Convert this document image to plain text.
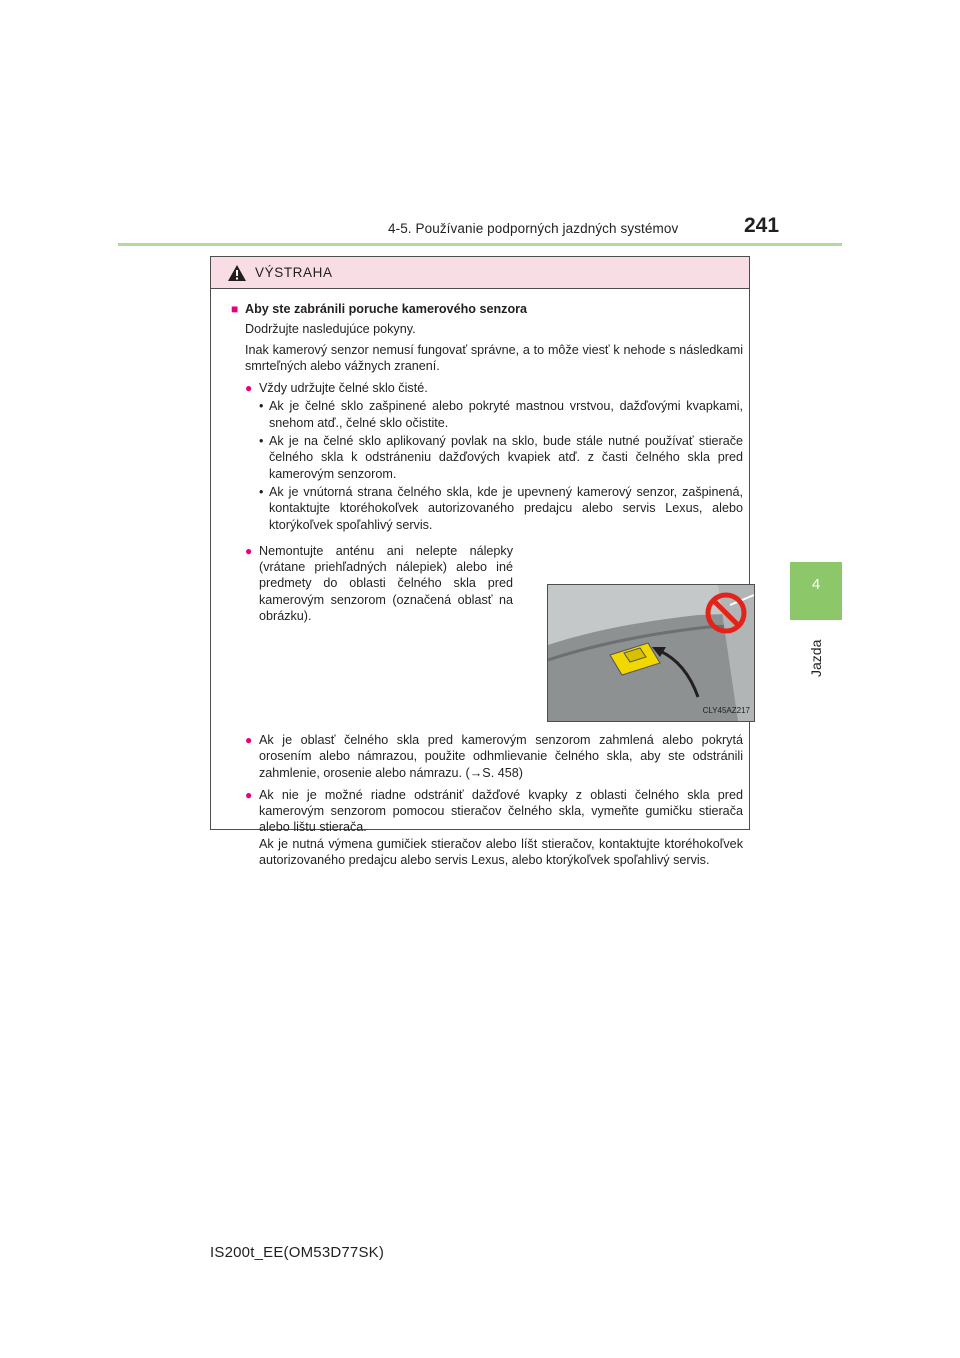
4-5. Používanie podporných jazdných systémov	241
4
Jazda
VÝSTRAHA
■ Aby ste zabránili poruche kamerového senzora
Dodržujte nasledujúce pokyny.
Inak kamerový senzor nemusí fungovať správne, a to môže viesť k nehode s následkami smrteľných alebo vážnych zranení.
● Vždy udržujte čelné sklo čisté.
• Ak je čelné sklo zašpinené alebo pokryté mastnou vrstvou, dažďovými kvapkami, snehom atď., čelné sklo očistite.
• Ak je na čelné sklo aplikovaný povlak na sklo, bude stále nutné používať stierače čelného skla k odstráneniu dažďových kvapiek atď. z časti čelného skla pred kamerovým senzorom.
• Ak je vnútorná strana čelného skla, kde je upevnený kamerový senzor, zašpinená, kontaktujte ktoréhokoľvek autorizovaného predajcu alebo servis Lexus, alebo ktorýkoľvek spoľahlivý servis.
● Nemontujte anténu ani nelepte nálepky (vrátane priehľadných nálepiek) alebo iné predmety do oblasti čelného skla pred kamerovým senzorom (označená oblasť na obrázku).
CLY45AZ217
● Ak je oblasť čelného skla pred kamerovým senzorom zahmlená alebo pokrytá orosením alebo námrazou, použite odhmlievanie čelného skla, aby ste odstránili zahmlenie, orosenie alebo námrazu. (→S. 458)
● Ak nie je možné riadne odstrániť dažďové kvapky z oblasti čelného skla pred kamerovým senzorom pomocou stieračov čelného skla, vymeňte gumičku stierača alebo lištu stierača.
Ak je nutná výmena gumičiek stieračov alebo líšt stieračov, kontaktujte ktoréhokoľvek autorizovaného predajcu alebo servis Lexus, alebo ktorýkoľvek spoľahlivý servis.
IS200t_EE(OM53D77SK)
